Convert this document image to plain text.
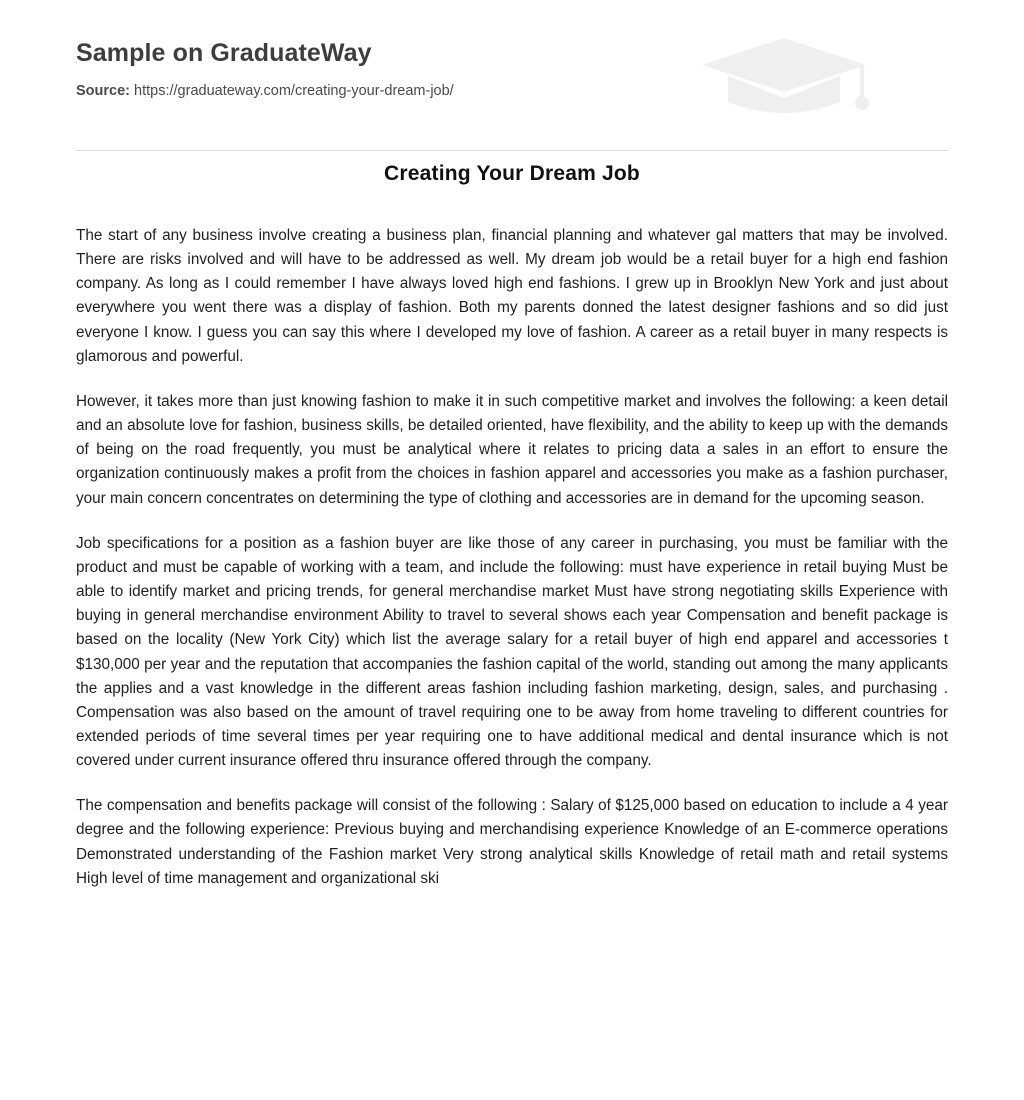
Sample on GraduateWay
Source: https://graduateway.com/creating-your-dream-job/
Creating Your Dream Job

The start of any business involve creating a business plan, financial planning and whatever gal matters that may be involved. There are risks involved and will have to be addressed as well. My dream job would be a retail buyer for a high end fashion company. As long as I could remember I have always loved high end fashions. I grew up in Brooklyn New York and just about everywhere you went there was a display of fashion. Both my parents donned the latest designer fashions and so did just everyone I know. I guess you can say this where I developed my love of fashion. A career as a retail buyer in many respects is glamorous and powerful.

However, it takes more than just knowing fashion to make it in such competitive market and involves the following: a keen detail and an absolute love for fashion, business skills, be detailed oriented, have flexibility, and the ability to keep up with the demands of being on the road frequently, you must be analytical where it relates to pricing data a sales in an effort to ensure the organization continuously makes a profit from the choices in fashion apparel and accessories you make as a fashion purchaser, your main concern concentrates on determining the type of clothing and accessories are in demand for the upcoming season.

Job specifications for a position as a fashion buyer are like those of any career in purchasing, you must be familiar with the product and must be capable of working with a team, and include the following: must have experience in retail buying Must be able to identify market and pricing trends, for general merchandise market Must have strong negotiating skills Experience with buying in general merchandise environment Ability to travel to several shows each year Compensation and benefit package is based on the locality (New York City) which list the average salary for a retail buyer of high end apparel and accessories t $130,000 per year and the reputation that accompanies the fashion capital of the world, standing out among the many applicants the applies and a vast knowledge in the different areas fashion including fashion marketing, design, sales, and purchasing . Compensation was also based on the amount of travel requiring one to be away from home traveling to different countries for extended periods of time several times per year requiring one to have additional medical and dental insurance which is not covered under current insurance offered thru insurance offered through the company.

The compensation and benefits package will consist of the following : Salary of $125,000 based on education to include a 4 year degree and the following experience: Previous buying and merchandising experience Knowledge of an E-commerce operations Demonstrated understanding of the Fashion market Very strong analytical skills Knowledge of retail math and retail systems High level of time management and organizational ski
